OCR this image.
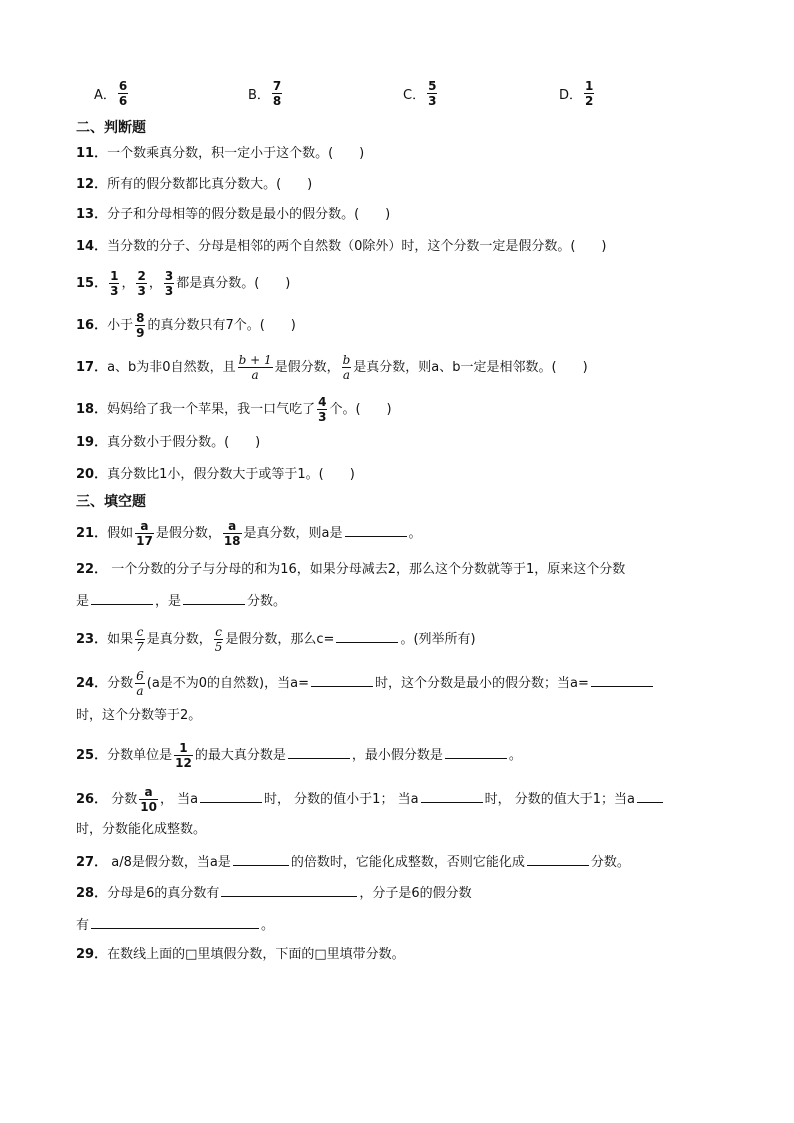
A． $\frac{6}{6}$	B． $\frac{7}{8}$	C． $\frac{5}{3}$	D． $\frac{1}{2}$
二、判断题
11．一个数乘真分数，积一定小于这个数。(　　)
12．所有的假分数都比真分数大。(　　)
13．分子和分母相等的假分数是最小的假分数。(　　)
14．当分数的分子、分母是相邻的两个自然数（0除外）时，这个分数一定是假分数。(　　)
15． $\frac{1}{3}$ ， $\frac{2}{3}$ ， $\frac{3}{3}$ 都是真分数。(　　)
16．小于 $\frac{8}{9}$ 的真分数只有7个。(　　)
17．a、b为非0自然数，且 $\frac{b + 1}{a}$ 是假分数， $\frac{b}{a}$ 是真分数，则a、b一定是相邻数。(　　)
18．妈妈给了我一个苹果，我一口气吃了 $\frac{4}{3}$ 个。(　　)
19．真分数小于假分数。(　　)
20．真分数比1小，假分数大于或等于1。(　　)
三、填空题
21．假如 $\frac{a}{17}$ 是假分数， $\frac{a}{18}$ 是真分数，则a是	。
22． 一个分数的分子与分母的和为16，如果分母减去2，那么这个分数就等于1，原来这个分数
是	，是	分数。
23．如果 $\frac{c}{7}$ 是真分数， $\frac{c}{5}$ 是假分数，那么c=	。(列举所有)
24．分数 $\frac{6}{a} (a$是不为0的自然数)，当a=	时，这个分数是最小的假分数；当a=
时，这个分数等于2。
25．分数单位是 $\frac{1}{12}$ 的最大真分数是	，最小假分数是	。
26． 分数 $\frac{a}{10}$ ， 当a	时， 分数的值小于1； 当a	时， 分数的值大于1；当a
时，分数能化成整数。
27． a/8是假分数，当a是	的倍数时，它能化成整数，否则它能化成	分数。
28．分母是6的真分数有	，分子是6的假分数
有	。
29．在数线上面的□里填假分数，下面的□里填带分数。
